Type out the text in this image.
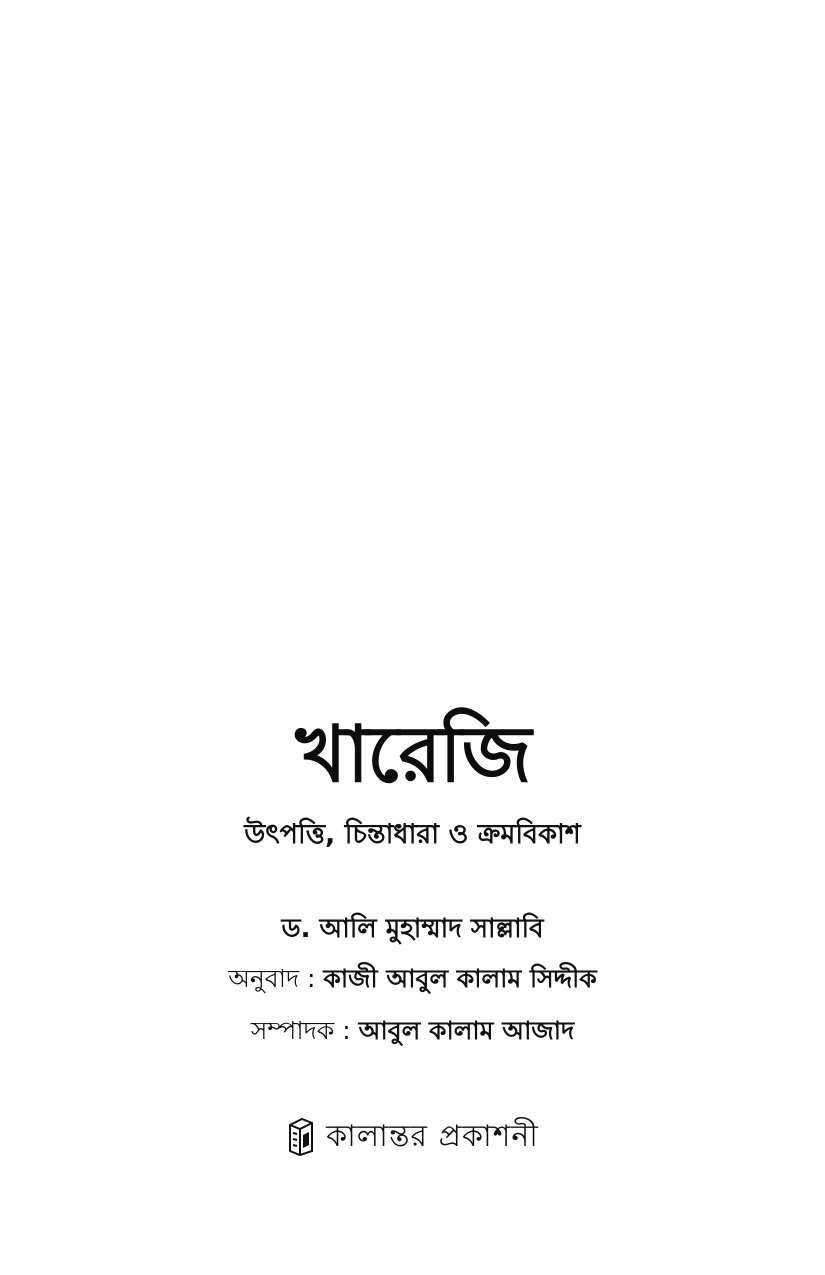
খারেজি
উৎপত্তি, চিন্তাধারা ও ক্রমবিকাশ
ড. আলি মুহাম্মাদ সাল্লাবি
অনুবাদ : কাজী আবুল কালাম সিদ্দীক
সম্পাদক : আবুল কালাম আজাদ
কালান্তর প্রকাশনী
